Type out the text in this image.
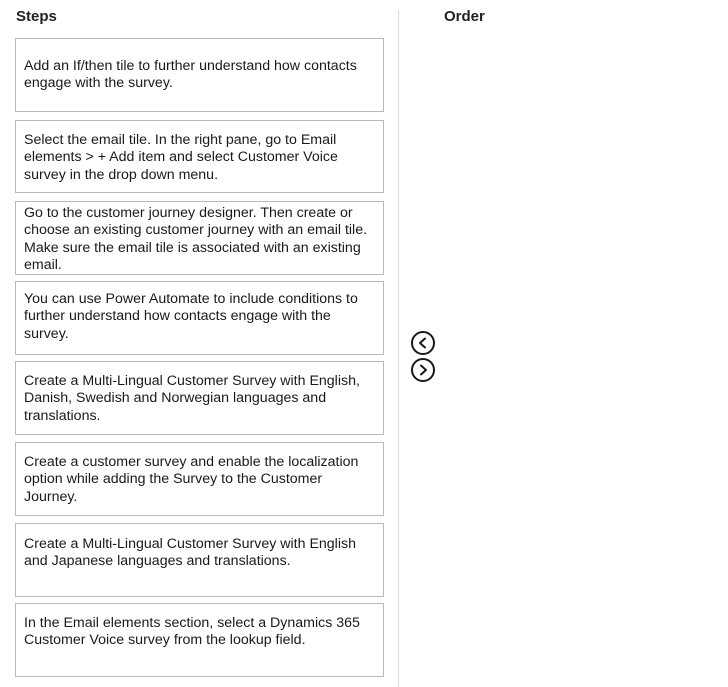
Steps	Order
Add an If/then tile to further understand how contacts engage with the survey.
Select the email tile. In the right pane, go to Email elements > + Add item and select Customer Voice survey in the drop down menu.
Go to the customer journey designer. Then create or choose an existing customer journey with an email tile. Make sure the email tile is associated with an existing email.
You can use Power Automate to include conditions to further understand how contacts engage with the survey.
Create a Multi-Lingual Customer Survey with English, Danish, Swedish and Norwegian languages and translations.
Create a customer survey and enable the localization option while adding the Survey to the Customer Journey.
Create a Multi-Lingual Customer Survey with English and Japanese languages and translations.
In the Email elements section, select a Dynamics 365 Customer Voice survey from the lookup field.
